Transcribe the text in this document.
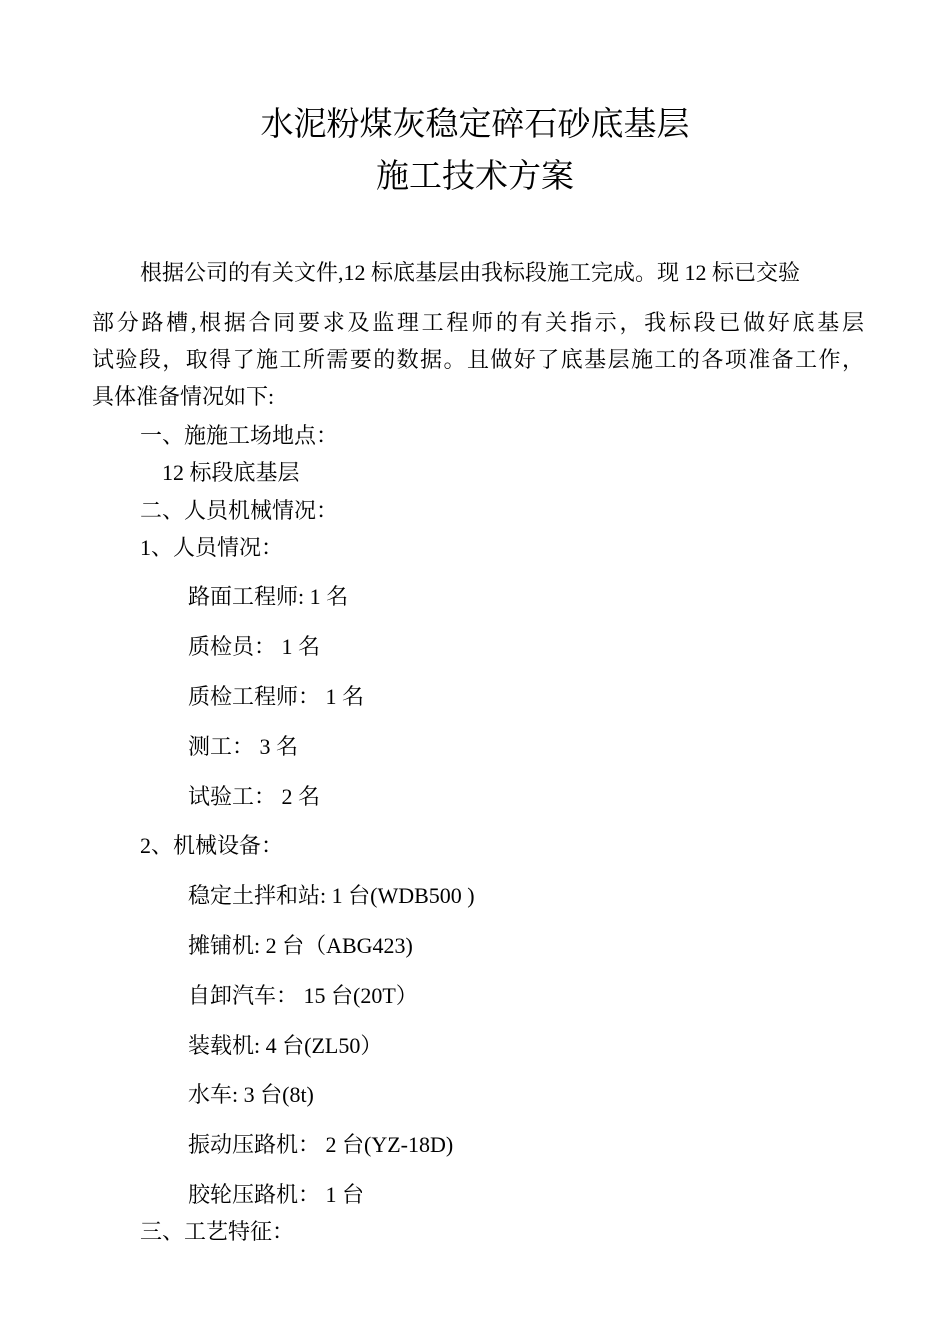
水泥粉煤灰稳定碎石砂底基层
施工技术方案
根据公司的有关文件,12 标底基层由我标段施工完成。现 12 标已交验
部分路槽,根据合同要求及监理工程师的有关指示，我标段已做好底基层
试验段，取得了施工所需要的数据。且做好了底基层施工的各项准备工作，
具体准备情况如下:
一、施施工场地点：
12 标段底基层
二、人员机械情况：
1、人员情况：
路面工程师: 1 名
质检员： 1 名
质检工程师： 1 名
测工： 3 名
试验工： 2 名
2、机械设备：
稳定土拌和站: 1 台(WDB500 )
摊铺机: 2 台（ABG423)
自卸汽车： 15 台(20T）
装载机: 4 台(ZL50）
水车: 3 台(8t)
振动压路机： 2 台(YZ-18D)
胶轮压路机： 1 台
三、工艺特征：
